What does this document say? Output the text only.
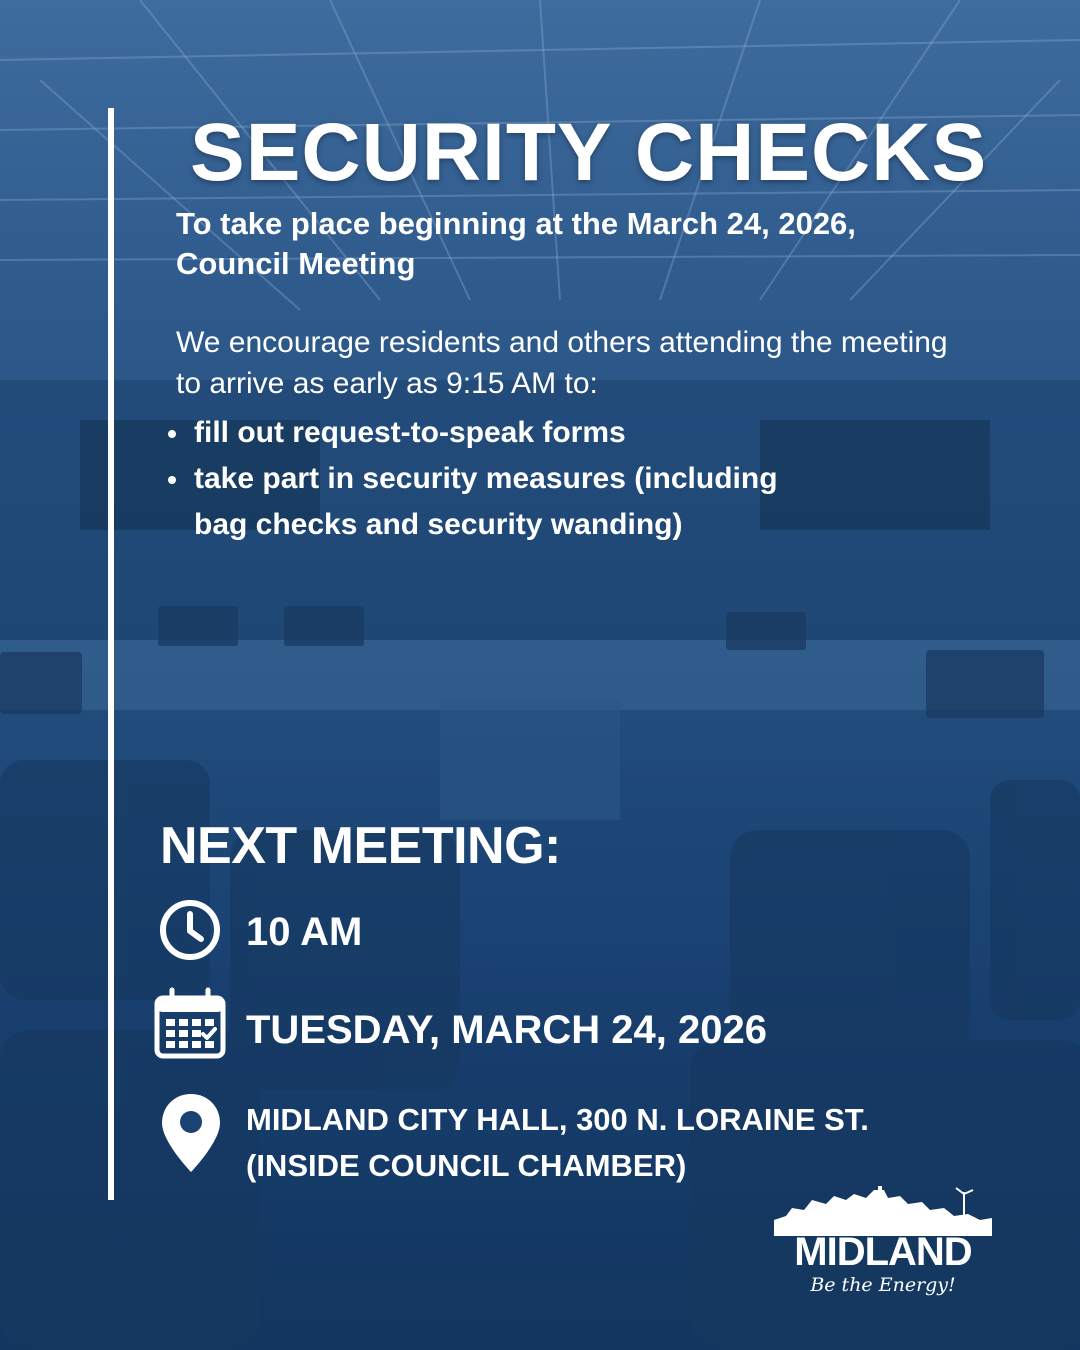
SECURITY CHECKS
To take place beginning at the March 24, 2026, Council Meeting
We encourage residents and others attending the meeting to arrive as early as 9:15 AM to:
fill out request-to-speak forms
take part in security measures (including bag checks and security wanding)
NEXT MEETING:
10 AM
TUESDAY, MARCH 24, 2026
MIDLAND CITY HALL, 300 N. LORAINE ST.
(INSIDE COUNCIL CHAMBER)
MIDLAND
Be the Energy!
